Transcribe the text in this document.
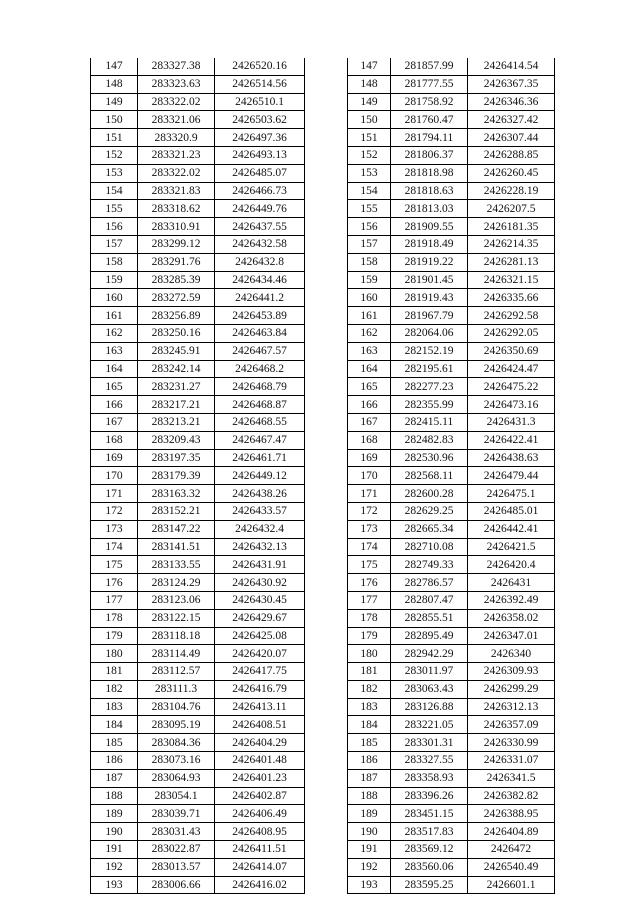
147	283327.38	2426520.16
148	283323.63	2426514.56
149	283322.02	2426510.1
150	283321.06	2426503.62
151	283320.9	2426497.36
152	283321.23	2426493.13
153	283322.02	2426485.07
154	283321.83	2426466.73
155	283318.62	2426449.76
156	283310.91	2426437.55
157	283299.12	2426432.58
158	283291.76	2426432.8
159	283285.39	2426434.46
160	283272.59	2426441.2
161	283256.89	2426453.89
162	283250.16	2426463.84
163	283245.91	2426467.57
164	283242.14	2426468.2
165	283231.27	2426468.79
166	283217.21	2426468.87
167	283213.21	2426468.55
168	283209.43	2426467.47
169	283197.35	2426461.71
170	283179.39	2426449.12
171	283163.32	2426438.26
172	283152.21	2426433.57
173	283147.22	2426432.4
174	283141.51	2426432.13
175	283133.55	2426431.91
176	283124.29	2426430.92
177	283123.06	2426430.45
178	283122.15	2426429.67
179	283118.18	2426425.08
180	283114.49	2426420.07
181	283112.57	2426417.75
182	283111.3	2426416.79
183	283104.76	2426413.11
184	283095.19	2426408.51
185	283084.36	2426404.29
186	283073.16	2426401.48
187	283064.93	2426401.23
188	283054.1	2426402.87
189	283039.71	2426406.49
190	283031.43	2426408.95
191	283022.87	2426411.51
192	283013.57	2426414.07
193	283006.66	2426416.02
147	281857.99	2426414.54
148	281777.55	2426367.35
149	281758.92	2426346.36
150	281760.47	2426327.42
151	281794.11	2426307.44
152	281806.37	2426288.85
153	281818.98	2426260.45
154	281818.63	2426228.19
155	281813.03	2426207.5
156	281909.55	2426181.35
157	281918.49	2426214.35
158	281919.22	2426281.13
159	281901.45	2426321.15
160	281919.43	2426335.66
161	281967.79	2426292.58
162	282064.06	2426292.05
163	282152.19	2426350.69
164	282195.61	2426424.47
165	282277.23	2426475.22
166	282355.99	2426473.16
167	282415.11	2426431.3
168	282482.83	2426422.41
169	282530.96	2426438.63
170	282568.11	2426479.44
171	282600.28	2426475.1
172	282629.25	2426485.01
173	282665.34	2426442.41
174	282710.08	2426421.5
175	282749.33	2426420.4
176	282786.57	2426431
177	282807.47	2426392.49
178	282855.51	2426358.02
179	282895.49	2426347.01
180	282942.29	2426340
181	283011.97	2426309.93
182	283063.43	2426299.29
183	283126.88	2426312.13
184	283221.05	2426357.09
185	283301.31	2426330.99
186	283327.55	2426331.07
187	283358.93	2426341.5
188	283396.26	2426382.82
189	283451.15	2426388.95
190	283517.83	2426404.89
191	283569.12	2426472
192	283560.06	2426540.49
193	283595.25	2426601.1
